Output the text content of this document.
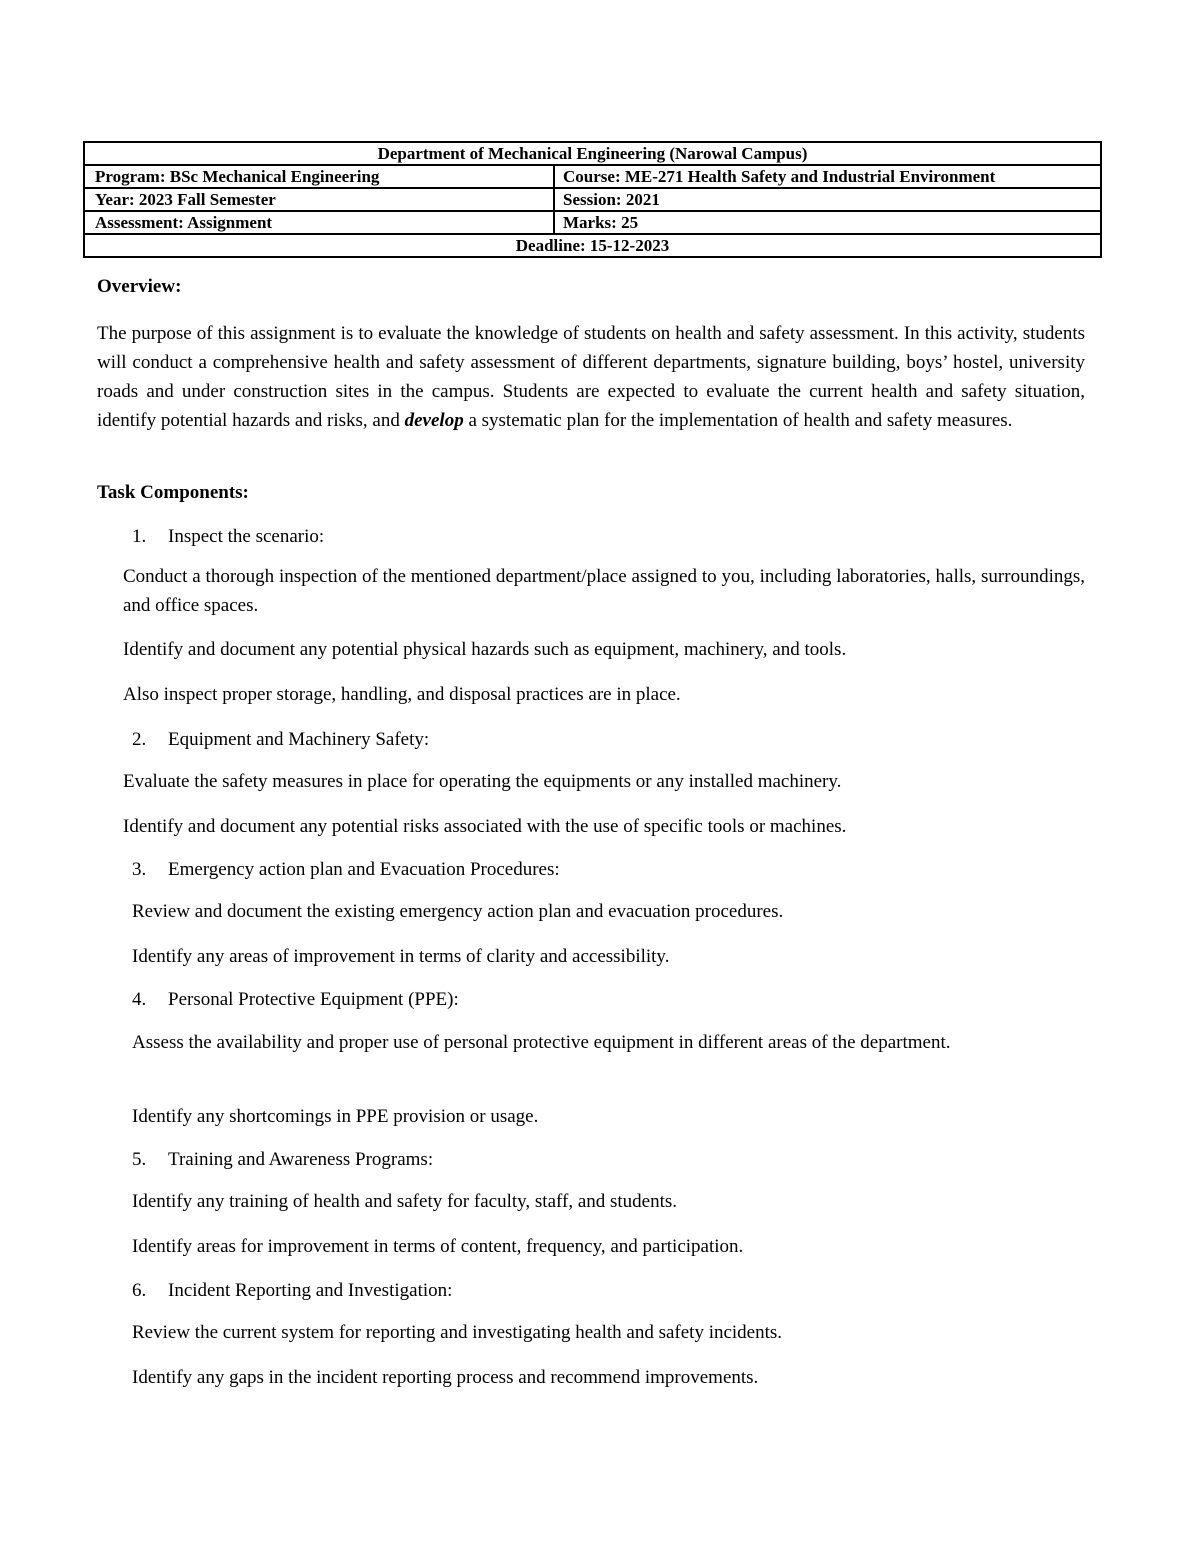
Department of Mechanical Engineering (Narowal Campus)	
Program: BSc Mechanical Engineering	Course: ME-271 Health Safety and Industrial Environment
Year: 2023 Fall Semester	Session: 2021
Assessment: Assignment	Marks: 25
Deadline: 15-12-2023	
Overview:

The purpose of this assignment is to evaluate the knowledge of students on health and safety assessment. In this activity, students will conduct a comprehensive health and safety assessment of different departments, signature building, boys’ hostel, university roads and under construction sites in the campus. Students are expected to evaluate the current health and safety situation, identify potential hazards and risks, and develop a systematic plan for the implementation of health and safety measures.

Task Components:
1. Inspect the scenario:

Conduct a thorough inspection of the mentioned department/place assigned to you, including laboratories, halls, surroundings, and office spaces.

Identify and document any potential physical hazards such as equipment, machinery, and tools.

Also inspect proper storage, handling, and disposal practices are in place.

2. Equipment and Machinery Safety:

Evaluate the safety measures in place for operating the equipments or any installed machinery.

Identify and document any potential risks associated with the use of specific tools or machines.

3. Emergency action plan and Evacuation Procedures:

Review and document the existing emergency action plan and evacuation procedures.

Identify any areas of improvement in terms of clarity and accessibility.

4. Personal Protective Equipment (PPE):

Assess the availability and proper use of personal protective equipment in different areas of the department.

Identify any shortcomings in PPE provision or usage.

5. Training and Awareness Programs:

Identify any training of health and safety for faculty, staff, and students.

Identify areas for improvement in terms of content, frequency, and participation.

6. Incident Reporting and Investigation:

Review the current system for reporting and investigating health and safety incidents.

Identify any gaps in the incident reporting process and recommend improvements.
